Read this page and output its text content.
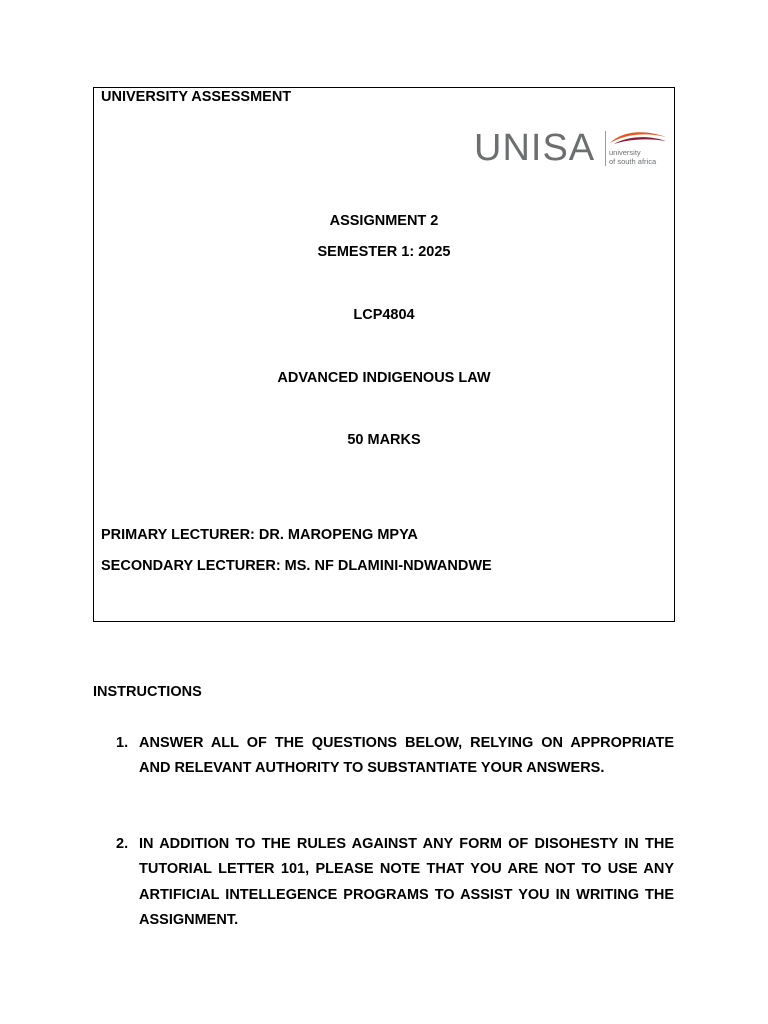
UNIVERSITY ASSESSMENT
UNISA university
of south africa
ASSIGNMENT 2
SEMESTER 1: 2025
LCP4804
ADVANCED INDIGENOUS LAW
50 MARKS
PRIMARY LECTURER: DR. MAROPENG MPYA
SECONDARY LECTURER: MS. NF DLAMINI-NDWANDWE
INSTRUCTIONS
1. ANSWER ALL OF THE QUESTIONS BELOW, RELYING ON APPROPRIATE AND RELEVANT AUTHORITY TO SUBSTANTIATE YOUR ANSWERS.
2. IN ADDITION TO THE RULES AGAINST ANY FORM OF DISOHESTY IN THE TUTORIAL LETTER 101, PLEASE NOTE THAT YOU ARE NOT TO USE ANY ARTIFICIAL INTELLEGENCE PROGRAMS TO ASSIST YOU IN WRITING THE ASSIGNMENT.
